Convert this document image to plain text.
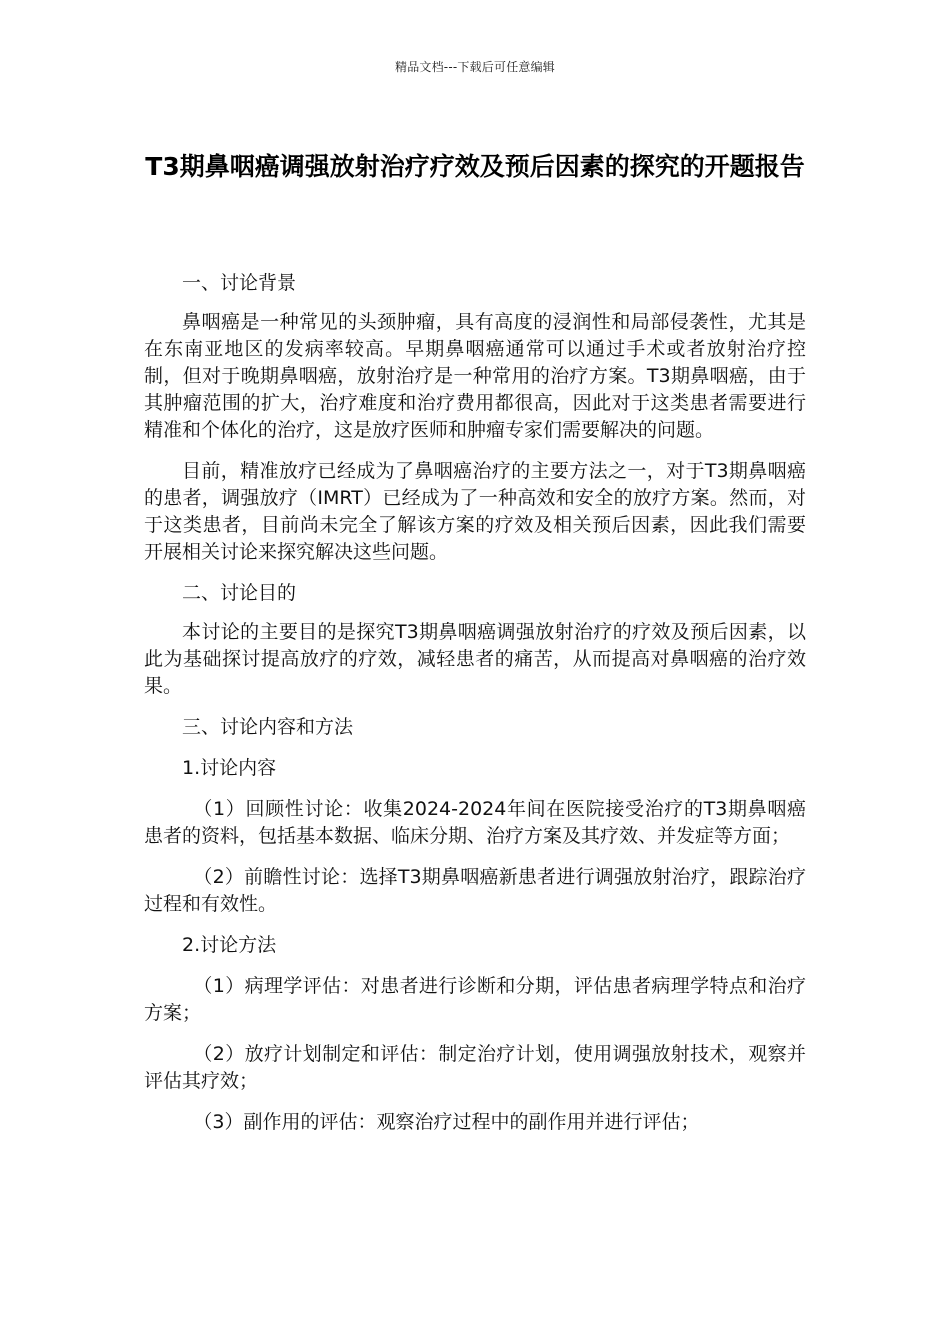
精品文档---下载后可任意编辑
T3期鼻咽癌调强放射治疗疗效及预后因素的探究的开题报告

一、讨论背景

鼻咽癌是一种常见的头颈肿瘤，具有高度的浸润性和局部侵袭性，尤其是在东南亚地区的发病率较高。早期鼻咽癌通常可以通过手术或者放射治疗控制，但对于晚期鼻咽癌，放射治疗是一种常用的治疗方案。T3期鼻咽癌，由于其肿瘤范围的扩大，治疗难度和治疗费用都很高，因此对于这类患者需要进行精准和个体化的治疗，这是放疗医师和肿瘤专家们需要解决的问题。

目前，精准放疗已经成为了鼻咽癌治疗的主要方法之一，对于T3期鼻咽癌的患者，调强放疗（IMRT）已经成为了一种高效和安全的放疗方案。然而，对于这类患者，目前尚未完全了解该方案的疗效及相关预后因素，因此我们需要开展相关讨论来探究解决这些问题。

二、讨论目的

本讨论的主要目的是探究T3期鼻咽癌调强放射治疗的疗效及预后因素，以此为基础探讨提高放疗的疗效，减轻患者的痛苦，从而提高对鼻咽癌的治疗效果。

三、讨论内容和方法

1.讨论内容

（1）回顾性讨论：收集2024-2024年间在医院接受治疗的T3期鼻咽癌患者的资料，包括基本数据、临床分期、治疗方案及其疗效、并发症等方面；

（2）前瞻性讨论：选择T3期鼻咽癌新患者进行调强放射治疗，跟踪治疗过程和有效性。

2.讨论方法

（1）病理学评估：对患者进行诊断和分期，评估患者病理学特点和治疗方案；

（2）放疗计划制定和评估：制定治疗计划，使用调强放射技术，观察并评估其疗效；

（3）副作用的评估：观察治疗过程中的副作用并进行评估；
